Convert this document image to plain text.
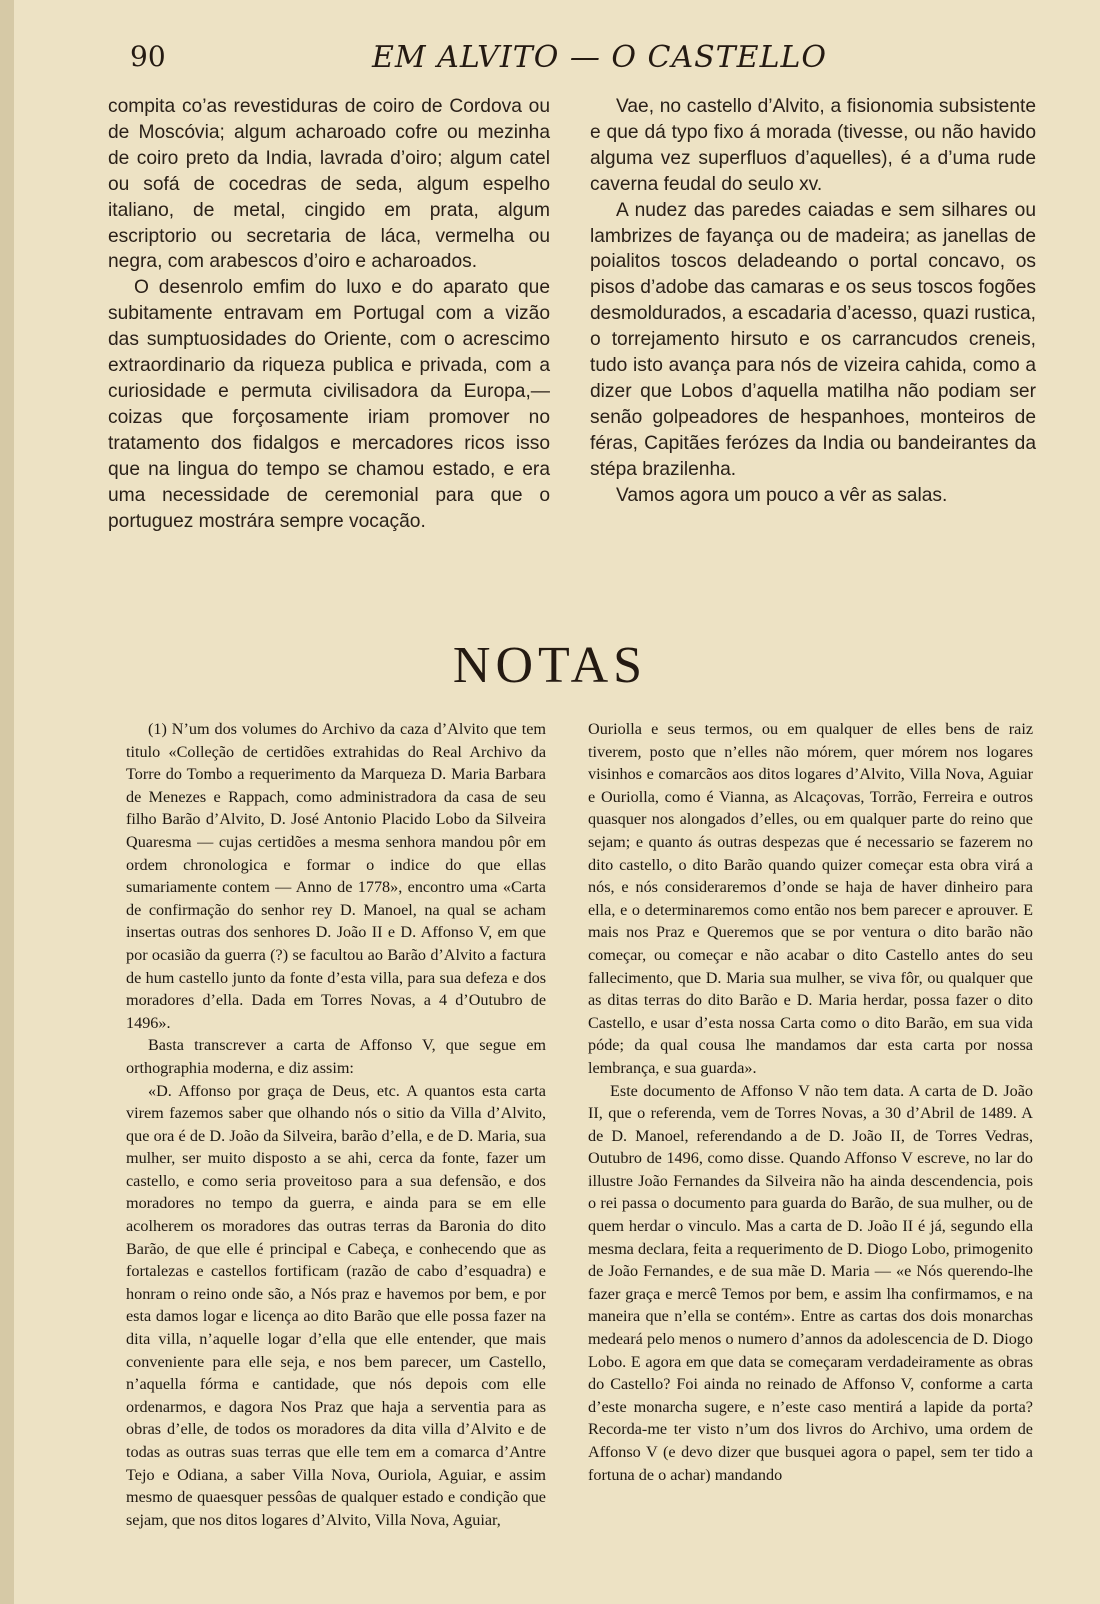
90	EM ALVITO — O CASTELLO

compita co’as revestiduras de coiro de Cordova ou de Moscóvia; algum acharoado cofre ou mezinha de coiro preto da India, lavrada d’oiro; algum catel ou sofá de cocedras de seda, algum espelho italiano, de metal, cingido em prata, algum escriptorio ou secretaria de láca, vermelha ou negra, com arabescos d’oiro e acharoados.

O desenrolo emfim do luxo e do aparato que subitamente entravam em Portugal com a vizão das sumptuosidades do Oriente, com o acrescimo extraordinario da riqueza publica e privada, com a curiosidade e permuta civilisadora da Europa,— coizas que forçosamente iriam promover no tratamento dos fidalgos e mercadores ricos isso que na lingua do tempo se chamou estado, e era uma necessidade de ceremonial para que o portuguez mostrára sempre vocação.

Vae, no castello d’Alvito, a fisionomia subsistente e que dá typo fixo á morada (tivesse, ou não havido alguma vez superfluos d’aquelles), é a d’uma rude caverna feudal do seulo xv.

A nudez das paredes caiadas e sem silhares ou lambrizes de fayança ou de madeira; as janellas de poialitos toscos deladeando o portal concavo, os pisos d’adobe das camaras e os seus toscos fogões desmoldurados, a escadaria d’acesso, quazi rustica, o torrejamento hirsuto e os carrancudos creneis, tudo isto avança para nós de vizeira cahida, como a dizer que Lobos d’aquella matilha não podiam ser senão golpeadores de hespanhoes, monteiros de féras, Capitães ferózes da India ou bandeirantes da stépa brazilenha.

Vamos agora um pouco a vêr as salas.

NOTAS

(1) N’um dos volumes do Archivo da caza d’Alvito que tem titulo «Colleção de certidões extrahidas do Real Archivo da Torre do Tombo a requerimento da Marqueza D. Maria Barbara de Menezes e Rappach, como administradora da casa de seu filho Barão d’Alvito, D. José Antonio Placido Lobo da Silveira Quaresma — cujas certidões a mesma senhora mandou pôr em ordem chronologica e formar o indice do que ellas sumariamente contem — Anno de 1778», encontro uma «Carta de confirmação do senhor rey D. Manoel, na qual se acham insertas outras dos senhores D. João II e D. Affonso V, em que por ocasião da guerra (?) se facultou ao Barão d’Alvito a factura de hum castello junto da fonte d’esta villa, para sua defeza e dos moradores d’ella. Dada em Torres Novas, a 4 d’Outubro de 1496».

Basta transcrever a carta de Affonso V, que segue em orthographia moderna, e diz assim:

«D. Affonso por graça de Deus, etc. A quantos esta carta virem fazemos saber que olhando nós o sitio da Villa d’Alvito, que ora é de D. João da Silveira, barão d’ella, e de D. Maria, sua mulher, ser muito disposto a se ahi, cerca da fonte, fazer um castello, e como seria proveitoso para a sua defensão, e dos moradores no tempo da guerra, e ainda para se em elle acolherem os moradores das outras terras da Baronia do dito Barão, de que elle é principal e Cabeça, e conhecendo que as fortalezas e castellos fortificam (razão de cabo d’esquadra) e honram o reino onde são, a Nós praz e havemos por bem, e por esta damos logar e licença ao dito Barão que elle possa fazer na dita villa, n’aquelle logar d’ella que elle entender, que mais conveniente para elle seja, e nos bem parecer, um Castello, n’aquella fórma e cantidade, que nós depois com elle ordenarmos, e dagora Nos Praz que haja a serventia para as obras d’elle, de todos os moradores da dita villa d’Alvito e de todas as outras suas terras que elle tem em a comarca d’Antre Tejo e Odiana, a saber Villa Nova, Ouriola, Aguiar, e assim mesmo de quaesquer pessôas de qualquer estado e condição que sejam, que nos ditos logares d’Alvito, Villa Nova, Aguiar,

Ouriolla e seus termos, ou em qualquer de elles bens de raiz tiverem, posto que n’elles não mórem, quer mórem nos logares visinhos e comarcãos aos ditos logares d’Alvito, Villa Nova, Aguiar e Ouriolla, como é Vianna, as Alcaçovas, Torrão, Ferreira e outros quasquer nos alongados d’elles, ou em qualquer parte do reino que sejam; e quanto ás outras despezas que é necessario se fazerem no dito castello, o dito Barão quando quizer começar esta obra virá a nós, e nós consideraremos d’onde se haja de haver dinheiro para ella, e o determinaremos como então nos bem parecer e aprouver. E mais nos Praz e Queremos que se por ventura o dito barão não começar, ou começar e não acabar o dito Castello antes do seu fallecimento, que D. Maria sua mulher, se viva fôr, ou qualquer que as ditas terras do dito Barão e D. Maria herdar, possa fazer o dito Castello, e usar d’esta nossa Carta como o dito Barão, em sua vida póde; da qual cousa lhe mandamos dar esta carta por nossa lembrança, e sua guarda».

Este documento de Affonso V não tem data. A carta de D. João II, que o referenda, vem de Torres Novas, a 30 d’Abril de 1489. A de D. Manoel, referendando a de D. João II, de Torres Vedras, Outubro de 1496, como disse. Quando Affonso V escreve, no lar do illustre João Fernandes da Silveira não ha ainda descendencia, pois o rei passa o documento para guarda do Barão, de sua mulher, ou de quem herdar o vinculo. Mas a carta de D. João II é já, segundo ella mesma declara, feita a requerimento de D. Diogo Lobo, primogenito de João Fernandes, e de sua mãe D. Maria — «e Nós querendo-lhe fazer graça e mercê Temos por bem, e assim lha confirmamos, e na maneira que n’ella se contém». Entre as cartas dos dois monarchas medeará pelo menos o numero d’annos da adolescencia de D. Diogo Lobo. E agora em que data se começaram verdadeiramente as obras do Castello? Foi ainda no reinado de Affonso V, conforme a carta d’este monarcha sugere, e n’este caso mentirá a lapide da porta? Recorda-me ter visto n’um dos livros do Archivo, uma ordem de Affonso V (e devo dizer que busquei agora o papel, sem ter tido a fortuna de o achar) mandando
